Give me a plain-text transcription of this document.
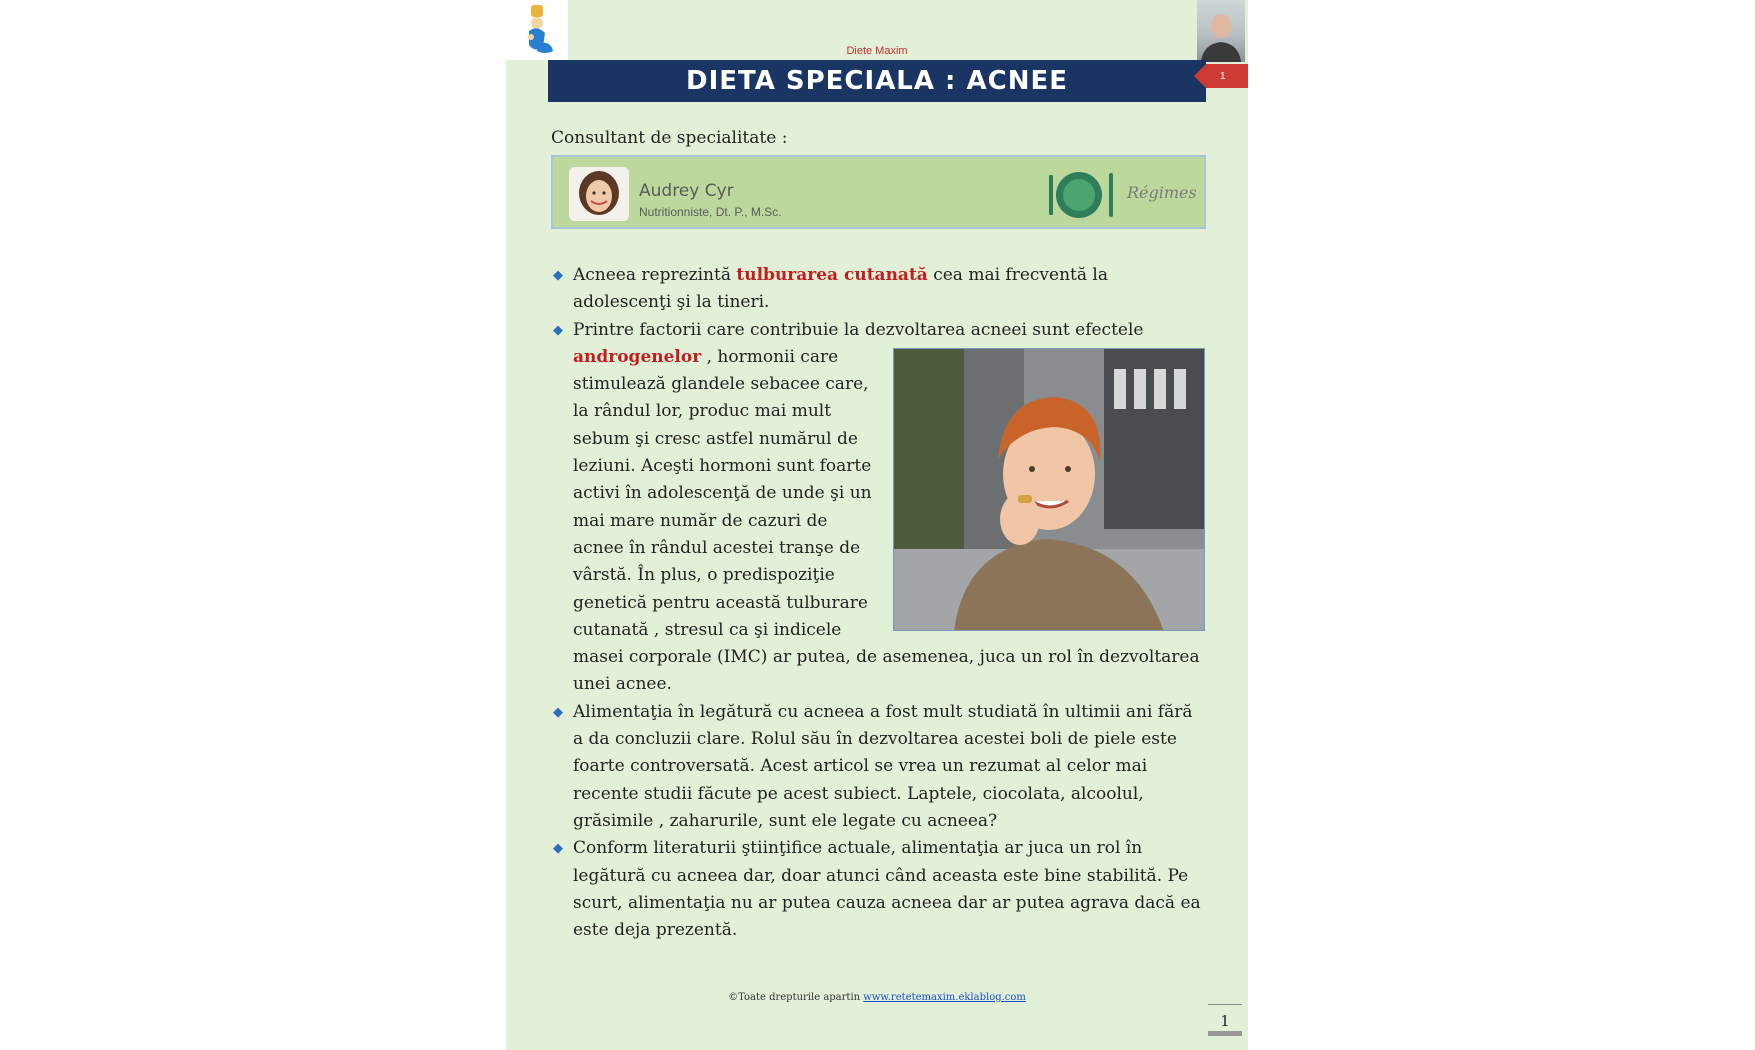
Diete Maxim
DIETA SPECIALA : ACNEE	1
Consultant de specialitate :
Audrey Cyr
Nutritionniste, Dt. P., M.Sc.
Régimes
◆ Acneea reprezintă tulburarea cutanată cea mai frecventă la adolescenţi şi la tineri.
◆ Printre factorii care contribuie la dezvoltarea acneei sunt efectele
androgenelor , hormonii care stimulează glandele sebacee care, la rândul lor, produc mai mult sebum şi cresc astfel numărul de leziuni. Aceşti hormoni sunt foarte activi în adolescenţă de unde şi un mai mare număr de cazuri de acnee în rândul acestei tranşe de vârstă. În plus, o predispoziţie genetică pentru această tulburare cutanată , stresul ca şi indicele masei corporale (IMC) ar putea, de asemenea, juca un rol în dezvoltarea unei acnee.
◆ Alimentaţia în legătură cu acneea a fost mult studiată în ultimii ani fără a da concluzii clare. Rolul său în dezvoltarea acestei boli de piele este foarte controversată. Acest articol se vrea un rezumat al celor mai recente studii făcute pe acest subiect. Laptele, ciocolata, alcoolul, grăsimile , zaharurile, sunt ele legate cu acneea?
◆ Conform literaturii ştiinţifice actuale, alimentaţia ar juca un rol în legătură cu acneea dar, doar atunci când aceasta este bine stabilită. Pe scurt, alimentaţia nu ar putea cauza acneea dar ar putea agrava dacă ea este deja prezentă.
©Toate drepturile apartin www.retetemaxim.eklablog.com
1
